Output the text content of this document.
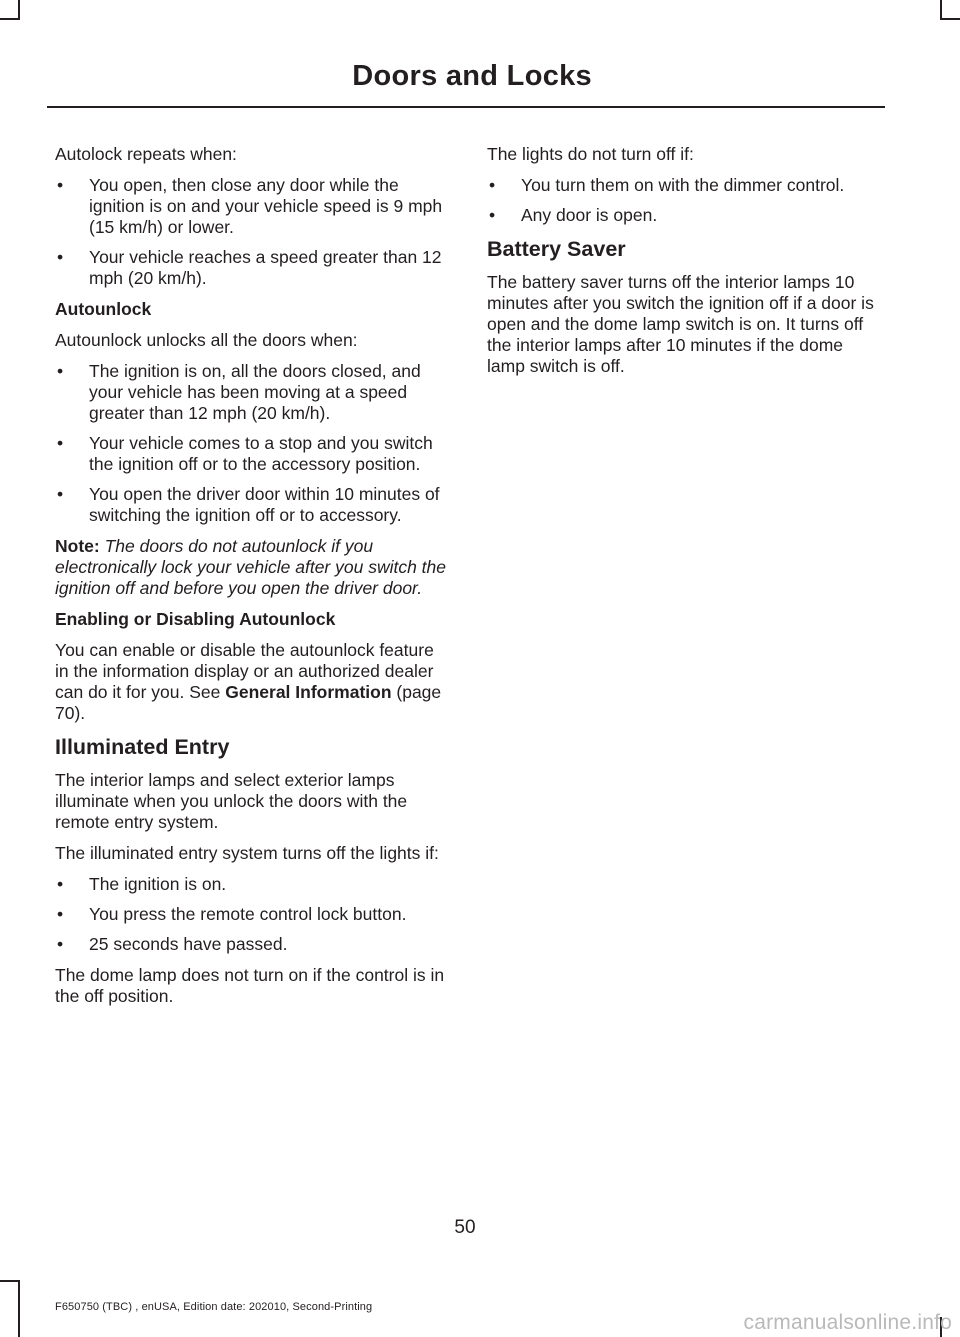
Doors and Locks

Autolock repeats when:

• You open, then close any door while the ignition is on and your vehicle speed is 9 mph (15 km/h) or lower.
• Your vehicle reaches a speed greater than 12 mph (20 km/h).

Autounlock

Autounlock unlocks all the doors when:

• The ignition is on, all the doors closed, and your vehicle has been moving at a speed greater than 12 mph (20 km/h).
• Your vehicle comes to a stop and you switch the ignition off or to the accessory position.
• You open the driver door within 10 minutes of switching the ignition off or to accessory.

Note: The doors do not autounlock if you electronically lock your vehicle after you switch the ignition off and before you open the driver door.

Enabling or Disabling Autounlock

You can enable or disable the autounlock feature in the information display or an authorized dealer can do it for you. See General Information (page 70).

Illuminated Entry

The interior lamps and select exterior lamps illuminate when you unlock the doors with the remote entry system.

The illuminated entry system turns off the lights if:

• The ignition is on.
• You press the remote control lock button.
• 25 seconds have passed.

The dome lamp does not turn on if the control is in the off position.

The lights do not turn off if:

• You turn them on with the dimmer control.
• Any door is open.

Battery Saver

The battery saver turns off the interior lamps 10 minutes after you switch the ignition off if a door is open and the dome lamp switch is on. It turns off the interior lamps after 10 minutes if the dome lamp switch is off.

50
F650750 (TBC) , enUSA, Edition date: 202010, Second-Printing
carmanualsonline.info
